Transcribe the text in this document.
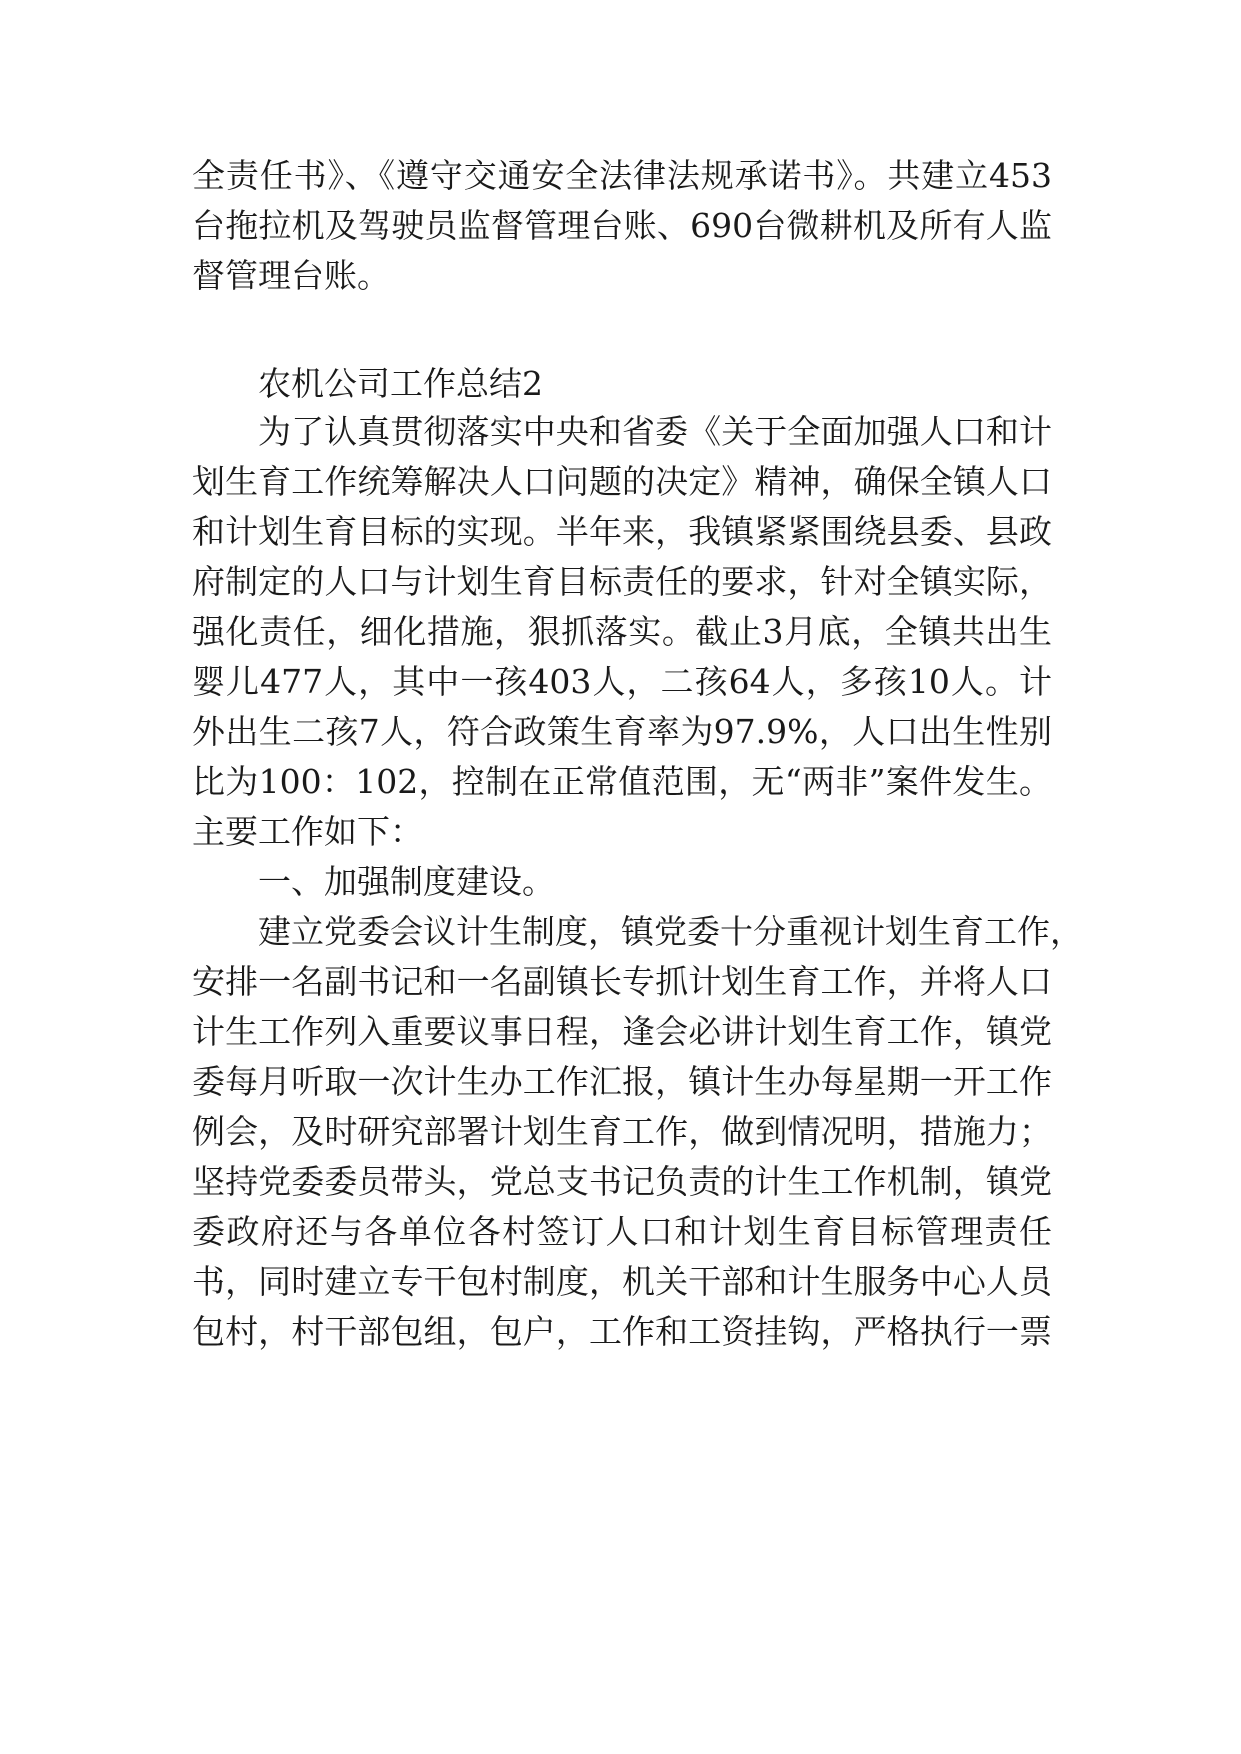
全责任书》、《遵守交通安全法律法规承诺书》。共建立453
台拖拉机及驾驶员监督管理台账、690台微耕机及所有人监
督管理台账。
农机公司工作总结2
为了认真贯彻落实中央和省委《关于全面加强人口和计
划生育工作统筹解决人口问题的决定》精神，确保全镇人口
和计划生育目标的实现。半年来，我镇紧紧围绕县委、县政
府制定的人口与计划生育目标责任的要求，针对全镇实际，
强化责任，细化措施，狠抓落实。截止3月底，全镇共出生
婴儿477人，其中一孩403人，二孩64人，多孩10人。计
外出生二孩7人，符合政策生育率为97.9%，人口出生性别
比为100：102，控制在正常值范围，无“两非”案件发生。
主要工作如下：
一、加强制度建设。
建立党委会议计生制度，镇党委十分重视计划生育工作，
安排一名副书记和一名副镇长专抓计划生育工作，并将人口
计生工作列入重要议事日程，逢会必讲计划生育工作，镇党
委每月听取一次计生办工作汇报，镇计生办每星期一开工作
例会，及时研究部署计划生育工作，做到情况明，措施力；
坚持党委委员带头，党总支书记负责的计生工作机制，镇党
委政府还与各单位各村签订人口和计划生育目标管理责任
书，同时建立专干包村制度，机关干部和计生服务中心人员
包村，村干部包组，包户，工作和工资挂钩，严格执行一票
